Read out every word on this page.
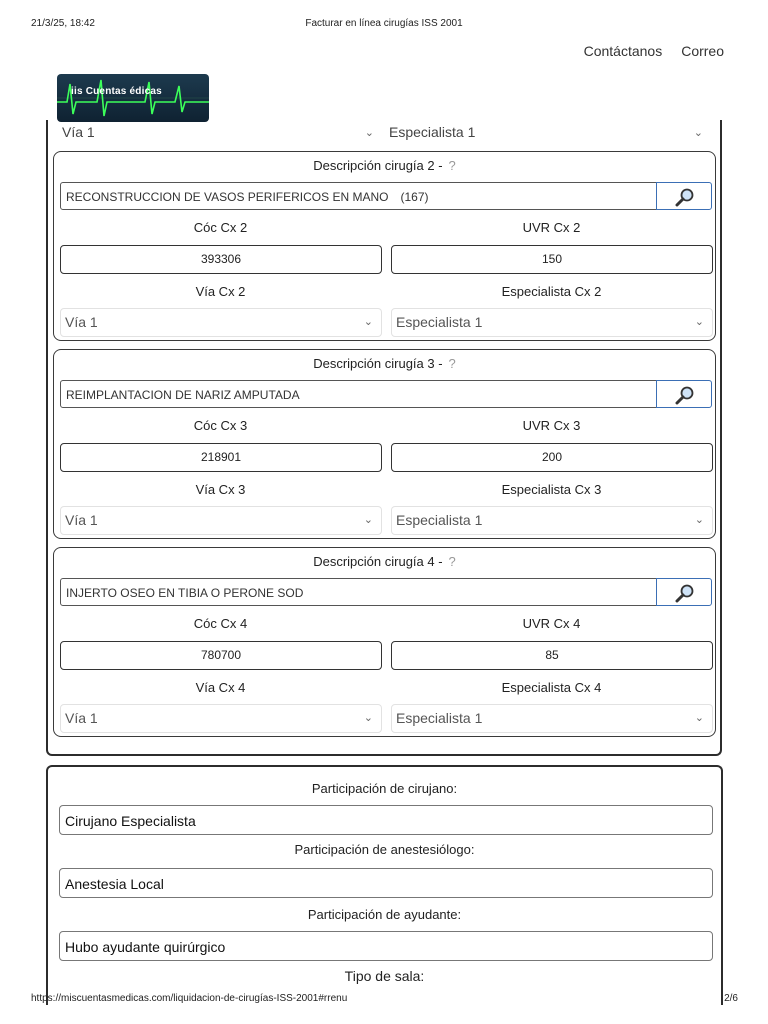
21/3/25, 18:42	Facturar en línea cirugías ISS 2001
Contáctanos Correo
iis Cuentas édicas
Vía 1	⌄ Especialista 1	⌄
Descripción cirugía 2 - ?
RECONSTRUCCION DE VASOS PERIFERICOS EN MANO (167)
Cóc Cx 2	UVR Cx 2
393306	150
Vía Cx 2	Especialista Cx 2
Vía 1	⌄	Especialista 1	⌄
Descripción cirugía 3 - ?
REIMPLANTACION DE NARIZ AMPUTADA
Cóc Cx 3	UVR Cx 3
218901	200
Vía Cx 3	Especialista Cx 3
Vía 1	⌄	Especialista 1	⌄
Descripción cirugía 4 - ?
INJERTO OSEO EN TIBIA O PERONE SOD
Cóc Cx 4	UVR Cx 4
780700	85
Vía Cx 4	Especialista Cx 4
Vía 1	⌄	Especialista 1	⌄
Participación de cirujano:
Cirujano Especialista
Participación de anestesiólogo:
Anestesia Local
Participación de ayudante:
Hubo ayudante quirúrgico
Tipo de sala:
https://miscuentasmedicas.com/liquidacion-de-cirugías-ISS-2001#rrenu	2/6
